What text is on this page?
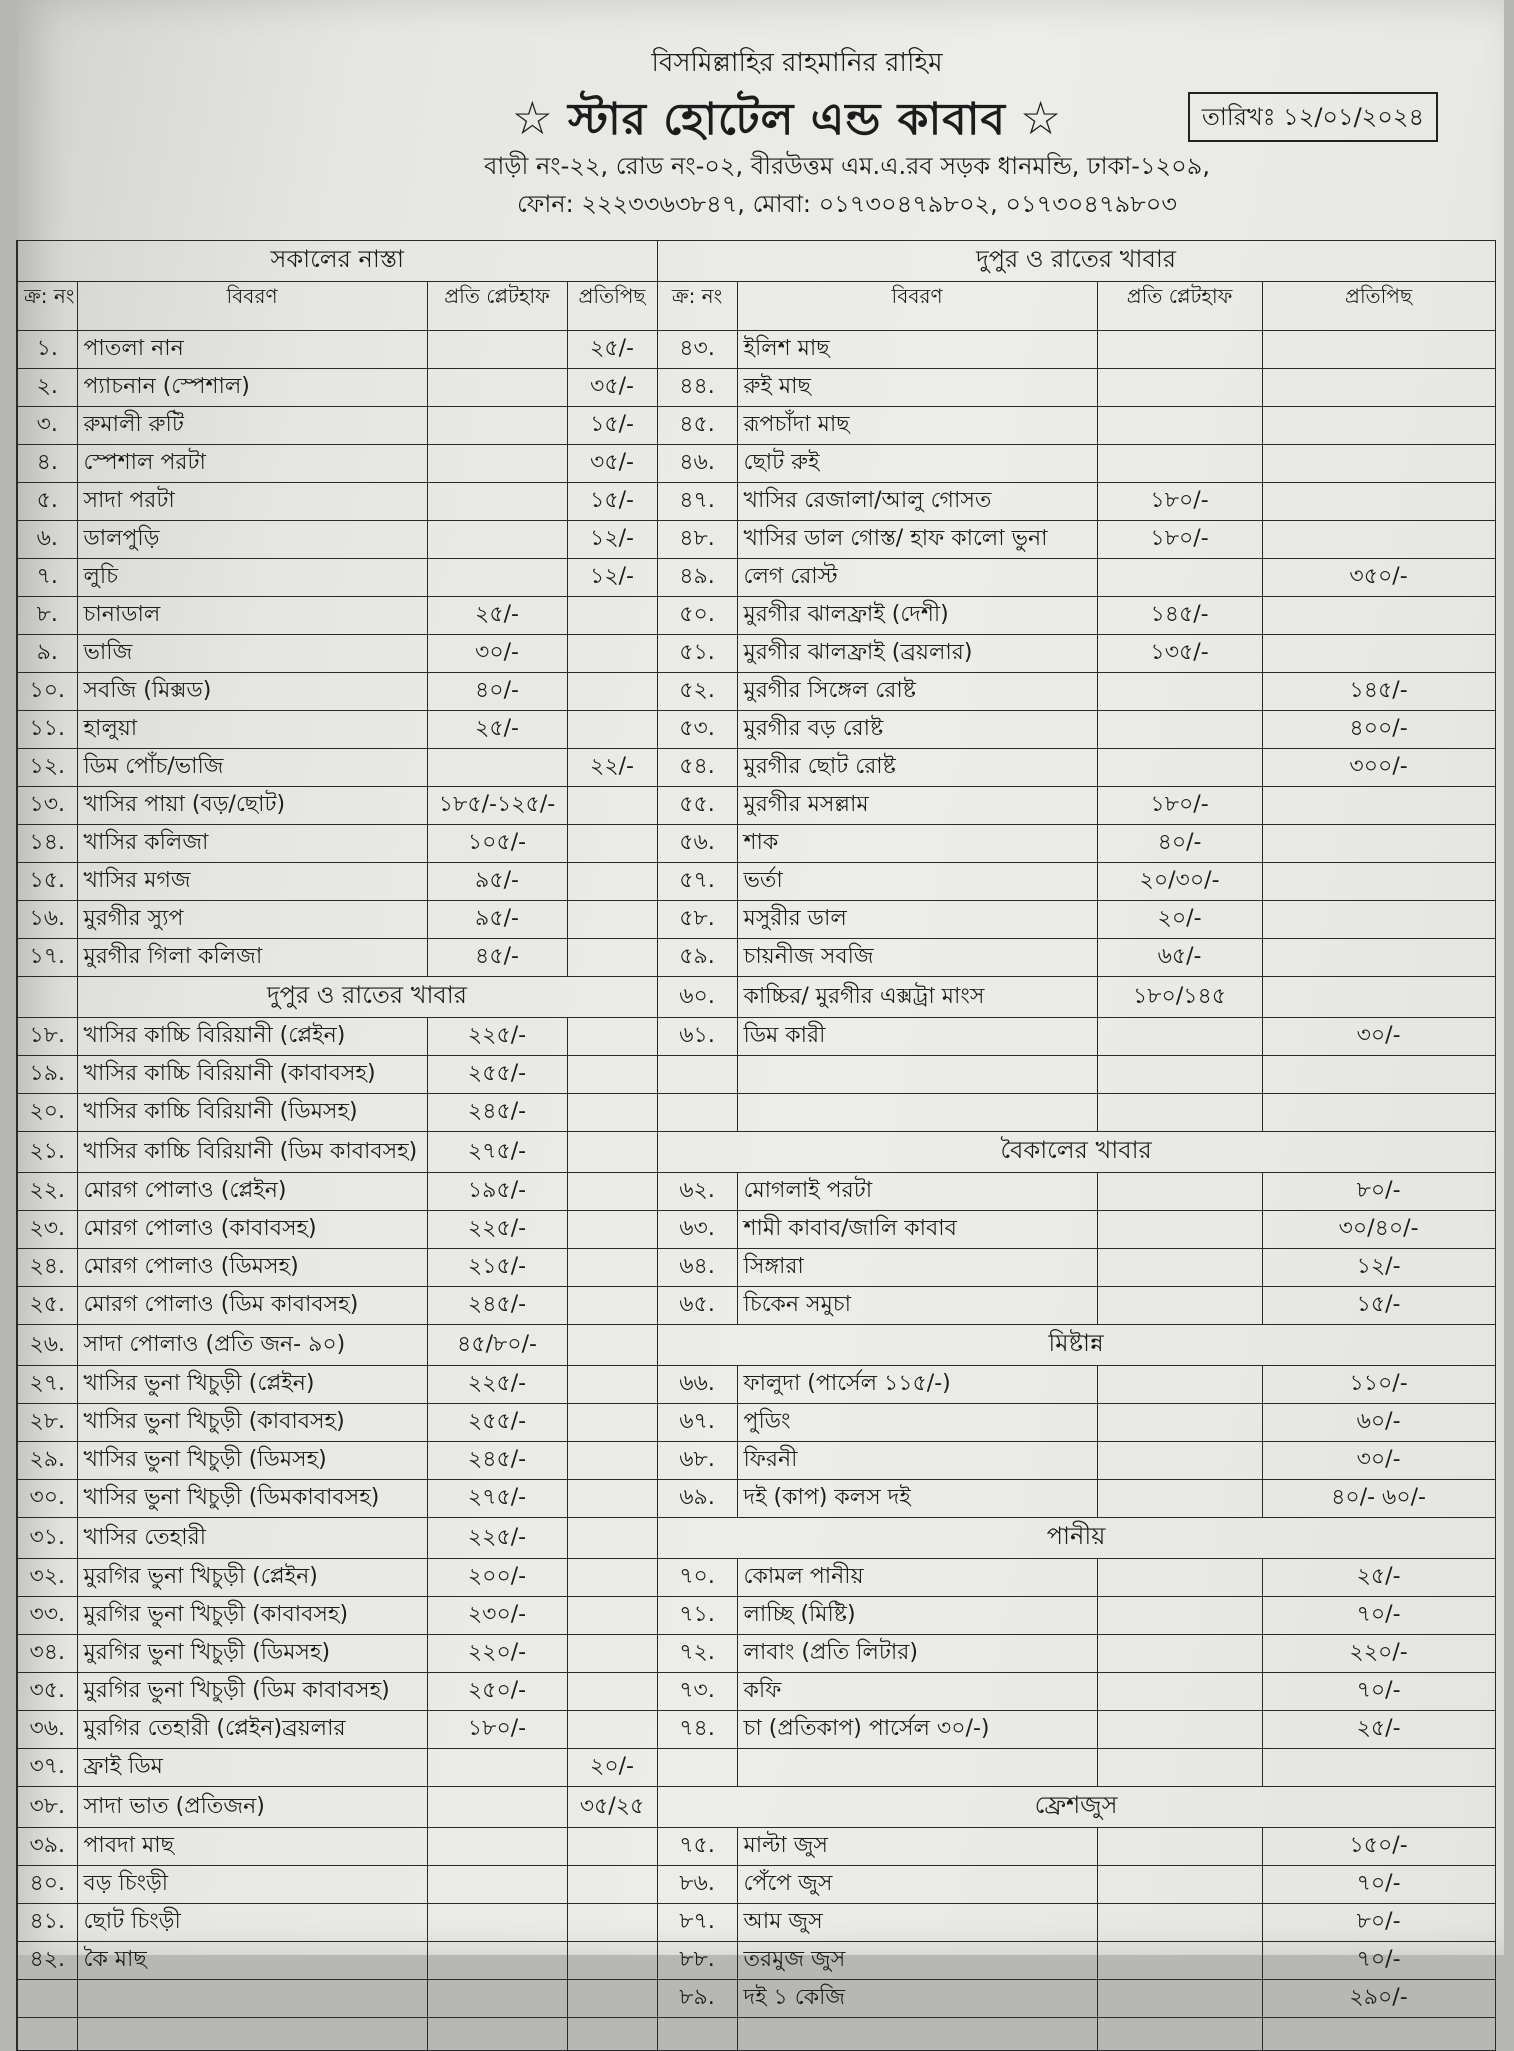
বিসমিল্লাহির রাহমানির রাহিম
☆ স্টার হোটেল এন্ড কাবাব ☆
বাড়ী নং-২২, রোড নং-০২, বীরউত্তম এম.এ.রব সড়ক ধানমন্ডি, ঢাকা-১২০৯,
ফোন: ২২২৩৩৬৩৮৪৭, মোবা: ০১৭৩০৪৭৯৮০২, ০১৭৩০৪৭৯৮০৩
তারিখঃ ১২/০১/২০২৪
সকালের নাস্তা				দুপুর ও রাতের খাবার			
ক্র: নং	বিবরণ	প্রতি প্লেটহাফ	প্রতিপিছ	ক্র: নং	বিবরণ	প্রতি প্লেটহাফ	প্রতিপিছ
১.	পাতলা নান		২৫/-	৪৩.	ইলিশ মাছ		
২.	প্যাচনান (স্পেশাল)		৩৫/-	৪৪.	রুই মাছ		
৩.	রুমালী রুটি		১৫/-	৪৫.	রূপচাঁদা মাছ		
৪.	স্পেশাল পরটা		৩৫/-	৪৬.	ছোট রুই		
৫.	সাদা পরটা		১৫/-	৪৭.	খাসির রেজালা/আলু গোসত	১৮০/-	
৬.	ডালপুড়ি		১২/-	৪৮.	খাসির ডাল গোস্ত/ হাফ কালো ভুনা	১৮০/-	
৭.	লুচি		১২/-	৪৯.	লেগ রোস্ট		৩৫০/-
৮.	চানাডাল	২৫/-		৫০.	মুরগীর ঝালফ্রাই (দেশী)	১৪৫/-	
৯.	ভাজি	৩০/-		৫১.	মুরগীর ঝালফ্রাই (ব্রয়লার)	১৩৫/-	
১০.	সবজি (মিক্সড)	৪০/-		৫২.	মুরগীর সিঙ্গেল রোষ্ট		১৪৫/-
১১.	হালুয়া	২৫/-		৫৩.	মুরগীর বড় রোষ্ট		৪০০/-
১২.	ডিম পোঁচ/ভাজি		২২/-	৫৪.	মুরগীর ছোট রোষ্ট		৩০০/-
১৩.	খাসির পায়া (বড়/ছোট)	১৮৫/-১২৫/-		৫৫.	মুরগীর মসল্লাম	১৮০/-	
১৪.	খাসির কলিজা	১০৫/-		৫৬.	শাক	৪০/-	
১৫.	খাসির মগজ	৯৫/-		৫৭.	ভর্তা	২০/৩০/-	
১৬.	মুরগীর স্যুপ	৯৫/-		৫৮.	মসুরীর ডাল	২০/-	
১৭.	মুরগীর গিলা কলিজা	৪৫/-		৫৯.	চায়নীজ সবজি	৬৫/-	
	দুপুর ও রাতের খাবার			৬০.	কাচ্চির/ মুরগীর এক্সট্রা মাংস	১৮০/১৪৫	
১৮.	খাসির কাচ্চি বিরিয়ানী (প্লেইন)	২২৫/-		৬১.	ডিম কারী		৩০/-
১৯.	খাসির কাচ্চি বিরিয়ানী (কাবাবসহ)	২৫৫/-					
২০.	খাসির কাচ্চি বিরিয়ানী (ডিমসহ)	২৪৫/-					
২১.	খাসির কাচ্চি বিরিয়ানী (ডিম কাবাবসহ)	২৭৫/-		বৈকালের খাবার			
২২.	মোরগ পোলাও (প্লেইন)	১৯৫/-		৬২.	মোগলাই পরটা		৮০/-
২৩.	মোরগ পোলাও (কাবাবসহ)	২২৫/-		৬৩.	শামী কাবাব/জালি কাবাব		৩০/৪০/-
২৪.	মোরগ পোলাও (ডিমসহ)	২১৫/-		৬৪.	সিঙ্গারা		১২/-
২৫.	মোরগ পোলাও (ডিম কাবাবসহ)	২৪৫/-		৬৫.	চিকেন সমুচা		১৫/-
২৬.	সাদা পোলাও (প্রতি জন- ৯০)	৪৫/৮০/-		মিষ্টান্ন			
২৭.	খাসির ভুনা খিচুড়ী (প্লেইন)	২২৫/-		৬৬.	ফালুদা (পার্সেল ১১৫/-)		১১০/-
২৮.	খাসির ভুনা খিচুড়ী (কাবাবসহ)	২৫৫/-		৬৭.	পুডিং		৬০/-
২৯.	খাসির ভুনা খিচুড়ী (ডিমসহ)	২৪৫/-		৬৮.	ফিরনী		৩০/-
৩০.	খাসির ভুনা খিচুড়ী (ডিমকাবাবসহ)	২৭৫/-		৬৯.	দই (কাপ) কলস দই		৪০/- ৬০/-
৩১.	খাসির তেহারী	২২৫/-		পানীয়			
৩২.	মুরগির ভুনা খিচুড়ী (প্লেইন)	২০০/-		৭০.	কোমল পানীয়		২৫/-
৩৩.	মুরগির ভুনা খিচুড়ী (কাবাবসহ)	২৩০/-		৭১.	লাচ্ছি (মিষ্টি)		৭০/-
৩৪.	মুরগির ভুনা খিচুড়ী (ডিমসহ)	২২০/-		৭২.	লাবাং (প্রতি লিটার)		২২০/-
৩৫.	মুরগির ভুনা খিচুড়ী (ডিম কাবাবসহ)	২৫০/-		৭৩.	কফি		৭০/-
৩৬.	মুরগির তেহারী (প্লেইন)ব্রয়লার	১৮০/-		৭৪.	চা (প্রতিকাপ) পার্সেল ৩০/-)		২৫/-
৩৭.	ফ্রাই ডিম		২০/-				
৩৮.	সাদা ভাত (প্রতিজন)		৩৫/২৫	ফ্রেশজুস			
৩৯.	পাবদা মাছ			৭৫.	মাল্টা জুস		১৫০/-
৪০.	বড় চিংড়ী			৮৬.	পেঁপে জুস		৭০/-
৪১.	ছোট চিংড়ী			৮৭.	আম জুস		৮০/-
৪২.	কৈ মাছ			৮৮.	তরমুজ জুস		৭০/-
				৮৯.	দই ১ কেজি		২৯০/-
